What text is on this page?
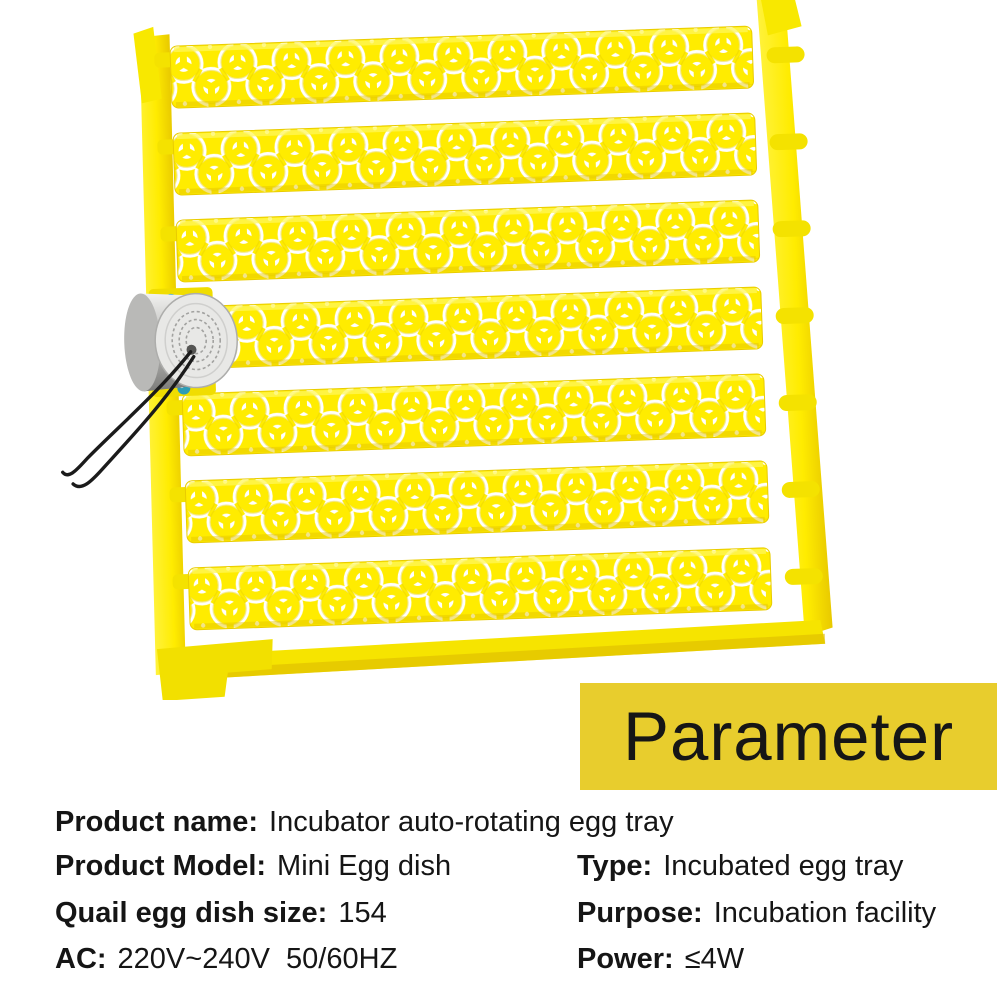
Parameter
Product name: Incubator auto-rotating egg tray
Product Model: Mini Egg dish	Type: Incubated egg tray
Quail egg dish size: 154	Purpose: Incubation facility
AC: 220V~240V  50/60HZ	Power: ≤4W
